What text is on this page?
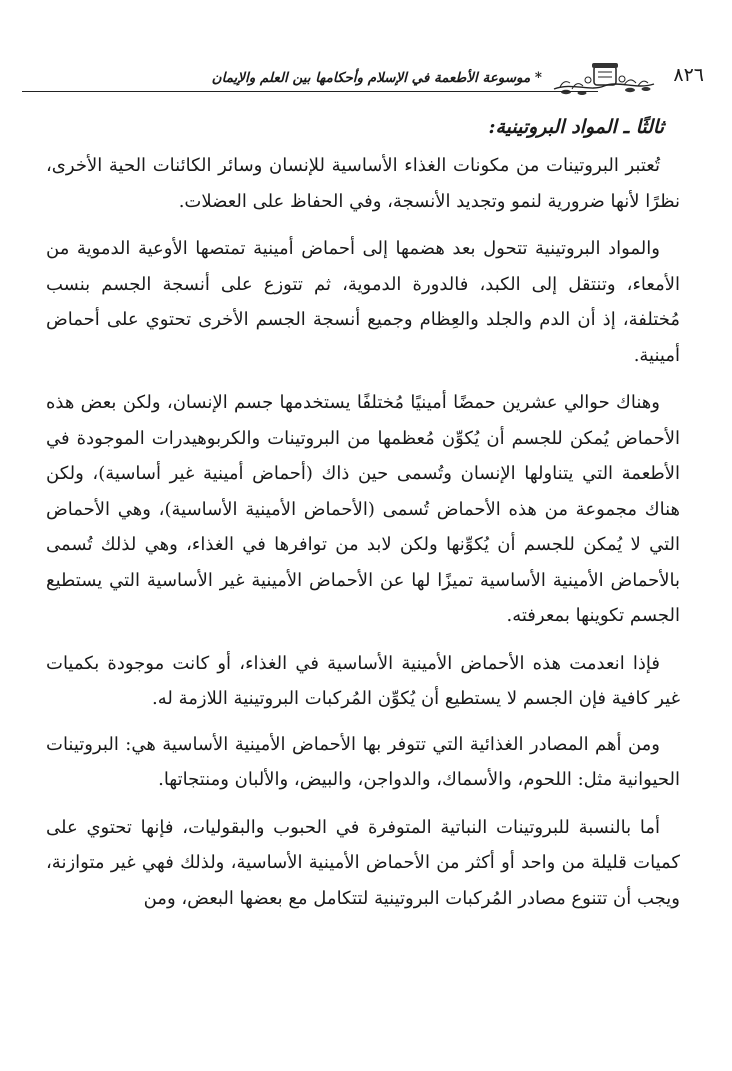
٨٢٦
* موسوعة الأطعمة في الإسلام وأحكامها بين العلم والإيمان
ثالثًا ـ المواد البروتينية:

تُعتبر البروتينات من مكونات الغذاء الأساسية للإنسان وسائر الكائنات الحية الأخرى، نظرًا لأنها ضرورية لنمو وتجديد الأنسجة، وفي الحفاظ على العضلات.

والمواد البروتينية تتحول بعد هضمها إلى أحماض أمينية تمتصها الأوعية الدموية من الأمعاء، وتنتقل إلى الكبد، فالدورة الدموية، ثم تتوزع على أنسجة الجسم بنسب مُختلفة، إذ أن الدم والجلد والعِظام وجميع أنسجة الجسم الأخرى تحتوي على أحماض أمينية.

وهناك حوالي عشرين حمضًا أمينيًا مُختلفًا يستخدمها جسم الإنسان، ولكن بعض هذه الأحماض يُمكن للجسم أن يُكوِّن مُعظمها من البروتينات والكربوهيدرات الموجودة في الأطعمة التي يتناولها الإنسان وتُسمى حين ذاك (أحماض أمينية غير أساسية)، ولكن هناك مجموعة من هذه الأحماض تُسمى (الأحماض الأمينية الأساسية)، وهي الأحماض التي لا يُمكن للجسم أن يُكوِّنها ولكن لابد من توافرها في الغذاء، وهي لذلك تُسمى بالأحماض الأمينية الأساسية تميزًا لها عن الأحماض الأمينية غير الأساسية التي يستطيع الجسم تكوينها بمعرفته.

فإذا انعدمت هذه الأحماض الأمينية الأساسية في الغذاء، أو كانت موجودة بكميات غير كافية فإن الجسم لا يستطيع أن يُكوِّن المُركبات البروتينية اللازمة له.

ومن أهم المصادر الغذائية التي تتوفر بها الأحماض الأمينية الأساسية هي: البروتينات الحيوانية مثل: اللحوم، والأسماك، والدواجن، والبيض، والألبان ومنتجاتها.

أما بالنسبة للبروتينات النباتية المتوفرة في الحبوب والبقوليات، فإنها تحتوي على كميات قليلة من واحد أو أكثر من الأحماض الأمينية الأساسية، ولذلك فهي غير متوازنة، ويجب أن تتنوع مصادر المُركبات البروتينية لتتكامل مع بعضها البعض، ومن
